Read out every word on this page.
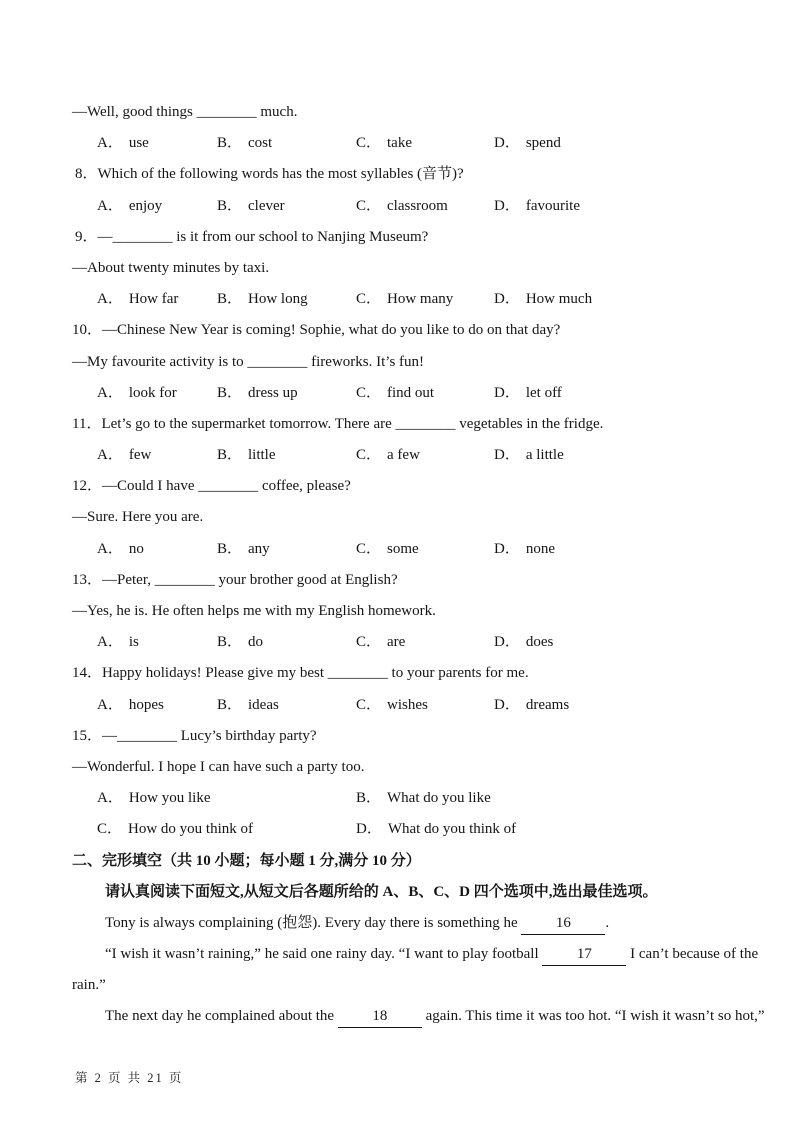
—Well, good things ________ much.
A． use	B． cost	C． take	D． spend
8．Which of the following words has the most syllables (音节)?
A． enjoy	B． clever	C． classroom	D． favourite
9．—________ is it from our school to Nanjing Museum?
—About twenty minutes by taxi.
A． How far	B． How long	C． How many	D． How much
10．—Chinese New Year is coming! Sophie, what do you like to do on that day?
—My favourite activity is to ________ fireworks. It’s fun!
A． look for	B． dress up	C． find out	D． let off
11．Let’s go to the supermarket tomorrow. There are ________ vegetables in the fridge.
A． few	B． little	C． a few	D． a little
12．—Could I have ________ coffee, please?
—Sure. Here you are.
A． no	B． any	C． some	D． none
13．—Peter, ________ your brother good at English?
—Yes, he is. He often helps me with my English homework.
A． is	B． do	C． are	D． does
14．Happy holidays! Please give my best ________ to your parents for me.
A． hopes	B． ideas	C． wishes	D． dreams
15．—________ Lucy’s birthday party?
—Wonderful. I hope I can have such a party too.
A． How you like	B． What do you like
C． How do you think of	D． What do you think of
二、完形填空（共 10 小题；每小题 1 分,满分 10 分）
请认真阅读下面短文,从短文后各题所给的 A、B、C、D 四个选项中,选出最佳选项。
Tony is always complaining (抱怨). Every day there is something he 16 .
“I wish it wasn’t raining,” he said one rainy day. “I want to play football 17 I can’t because of the
rain.”
The next day he complained about the 18 again. This time it was too hot. “I wish it wasn’t so hot,”
第 2 页 共 21 页
